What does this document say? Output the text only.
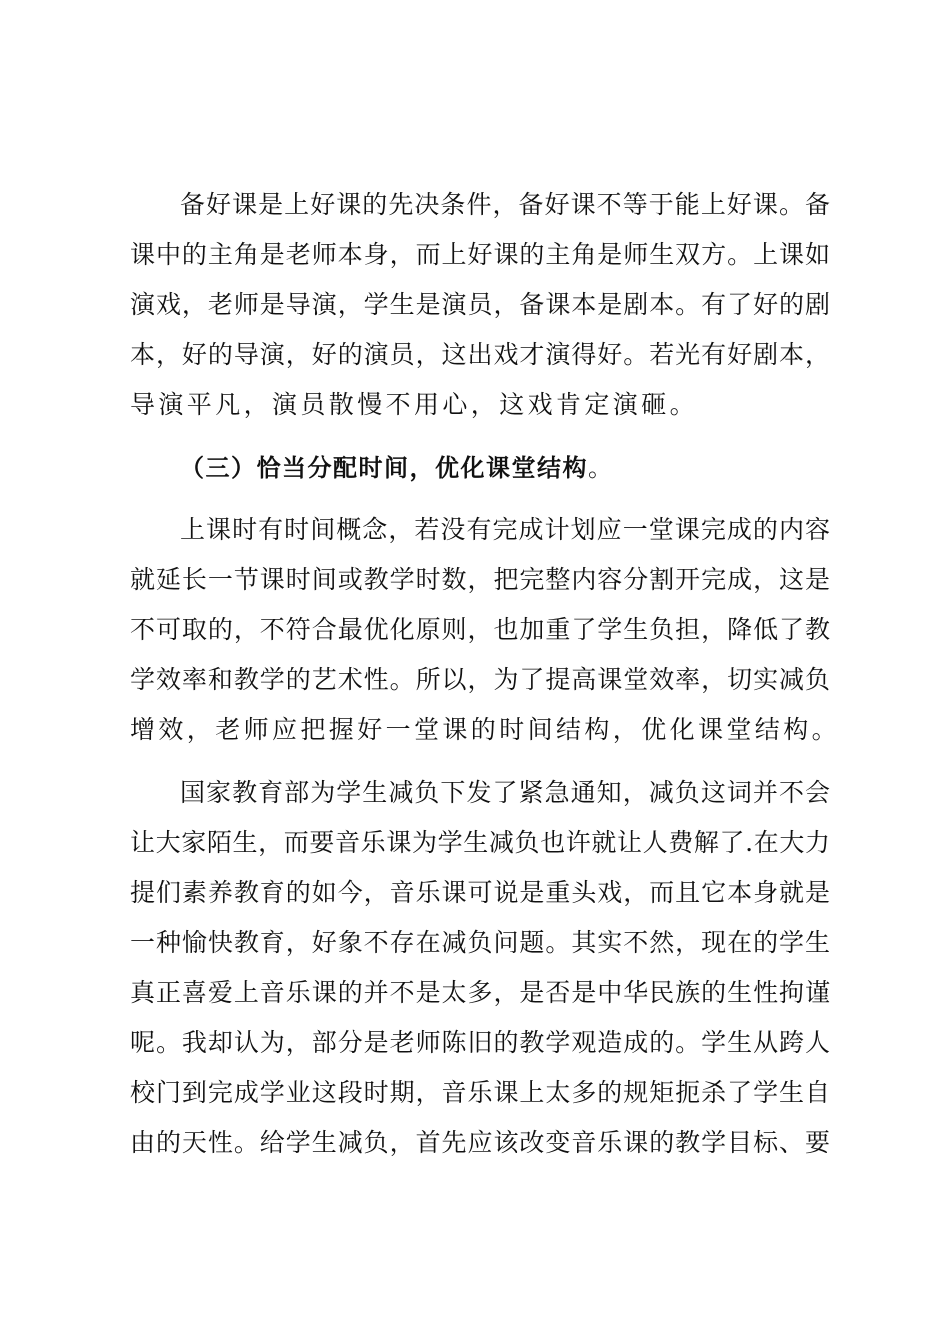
备好课是上好课的先决条件，备好课不等于能上好课。备
课中的主角是老师本身，而上好课的主角是师生双方。上课如
演戏，老师是导演，学生是演员，备课本是剧本。有了好的剧
本，好的导演，好的演员，这出戏才演得好。若光有好剧本，
导演平凡，演员散慢不用心，这戏肯定演砸。
（三）恰当分配时间，优化课堂结构。
上课时有时间概念，若没有完成计划应一堂课完成的内容
就延长一节课时间或教学时数，把完整内容分割开完成，这是
不可取的，不符合最优化原则，也加重了学生负担，降低了教
学效率和教学的艺术性。所以，为了提高课堂效率，切实减负
增效，老师应把握好一堂课的时间结构，优化课堂结构。
国家教育部为学生减负下发了紧急通知，减负这词并不会
让大家陌生，而要音乐课为学生减负也许就让人费解了.在大力
提们素养教育的如今，音乐课可说是重头戏，而且它本身就是
一种愉快教育，好象不存在减负问题。其实不然，现在的学生
真正喜爱上音乐课的并不是太多，是否是中华民族的生性拘谨
呢。我却认为，部分是老师陈旧的教学观造成的。学生从跨人
校门到完成学业这段时期，音乐课上太多的规矩扼杀了学生自
由的天性。给学生减负，首先应该改变音乐课的教学目标、要
